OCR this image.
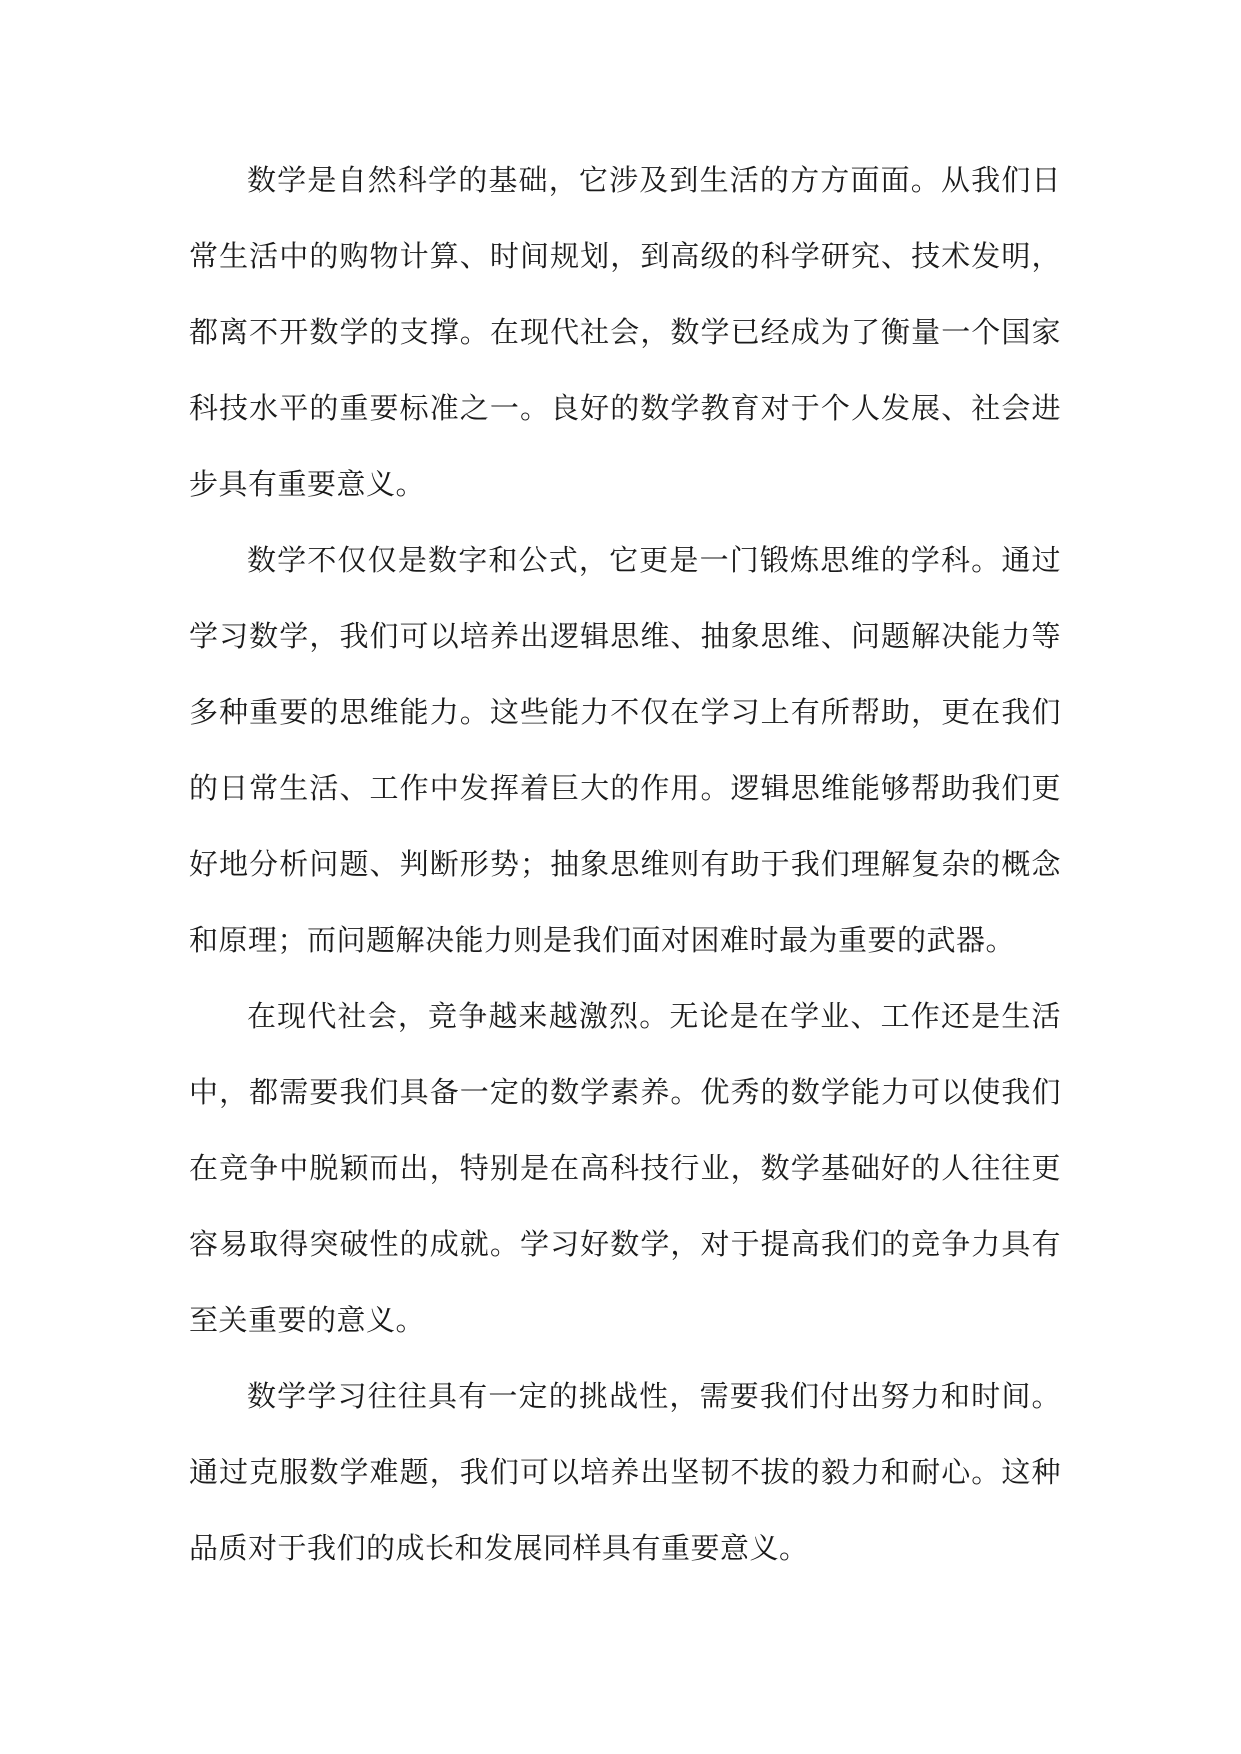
数学是自然科学的基础，它涉及到生活的方方面面。从我们日常生活中的购物计算、时间规划，到高级的科学研究、技术发明，都离不开数学的支撑。在现代社会，数学已经成为了衡量一个国家科技水平的重要标准之一。良好的数学教育对于个人发展、社会进步具有重要意义。

数学不仅仅是数字和公式，它更是一门锻炼思维的学科。通过学习数学，我们可以培养出逻辑思维、抽象思维、问题解决能力等多种重要的思维能力。这些能力不仅在学习上有所帮助，更在我们的日常生活、工作中发挥着巨大的作用。逻辑思维能够帮助我们更好地分析问题、判断形势；抽象思维则有助于我们理解复杂的概念和原理；而问题解决能力则是我们面对困难时最为重要的武器。

在现代社会，竞争越来越激烈。无论是在学业、工作还是生活中，都需要我们具备一定的数学素养。优秀的数学能力可以使我们在竞争中脱颖而出，特别是在高科技行业，数学基础好的人往往更容易取得突破性的成就。学习好数学，对于提高我们的竞争力具有至关重要的意义。

数学学习往往具有一定的挑战性，需要我们付出努力和时间。通过克服数学难题，我们可以培养出坚韧不拔的毅力和耐心。这种品质对于我们的成长和发展同样具有重要意义。
